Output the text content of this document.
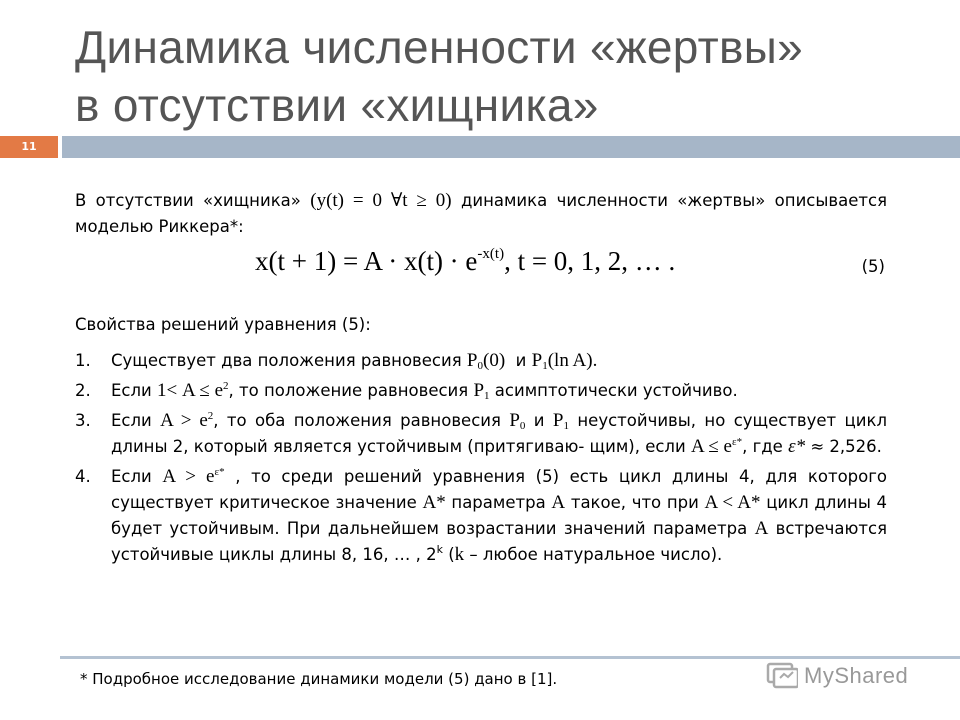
Динамика численности «жертвы»
в отсутствии «хищника»
11
В отсутствии «хищника» (y(t) = 0 ∀t ≥ 0) динамика численности «жертвы» описывается моделью Риккера*:
$x(t + 1) = A \cdot x(t) \cdot e^{-x(t)}$, t = 0, 1, 2, … .	(5)
Свойства решений уравнения (5):
1. Существует два положения равновесия $P_0(0)$ и $P_1(\ln$ A).
2. Если $1< A \le e^2$, то положение равновесия $P_1$ асимптотически устойчиво.
3. Если $A > e^2$, то оба положения равновесия $P_0$ и $P_1$ неустойчивы, но существует цикл длины 2, который является устойчивым (притягиваю- щим), если $A \le e^{\varepsilon*}$, где ε* ≈ 2,526.
4. Если $A > e^{\varepsilon*}$ , то среди решений уравнения (5) есть цикл длины 4, для которого существует критическое значение A* параметра A такое, что при A < A* цикл длины 4 будет устойчивым. При дальнейшем возрастании значений параметра A встречаются устойчивые циклы длины 8, 16, … , 2$^k$ (k – любое натуральное число).
* Подробное исследование динамики модели (5) дано в [1].	MyShared
